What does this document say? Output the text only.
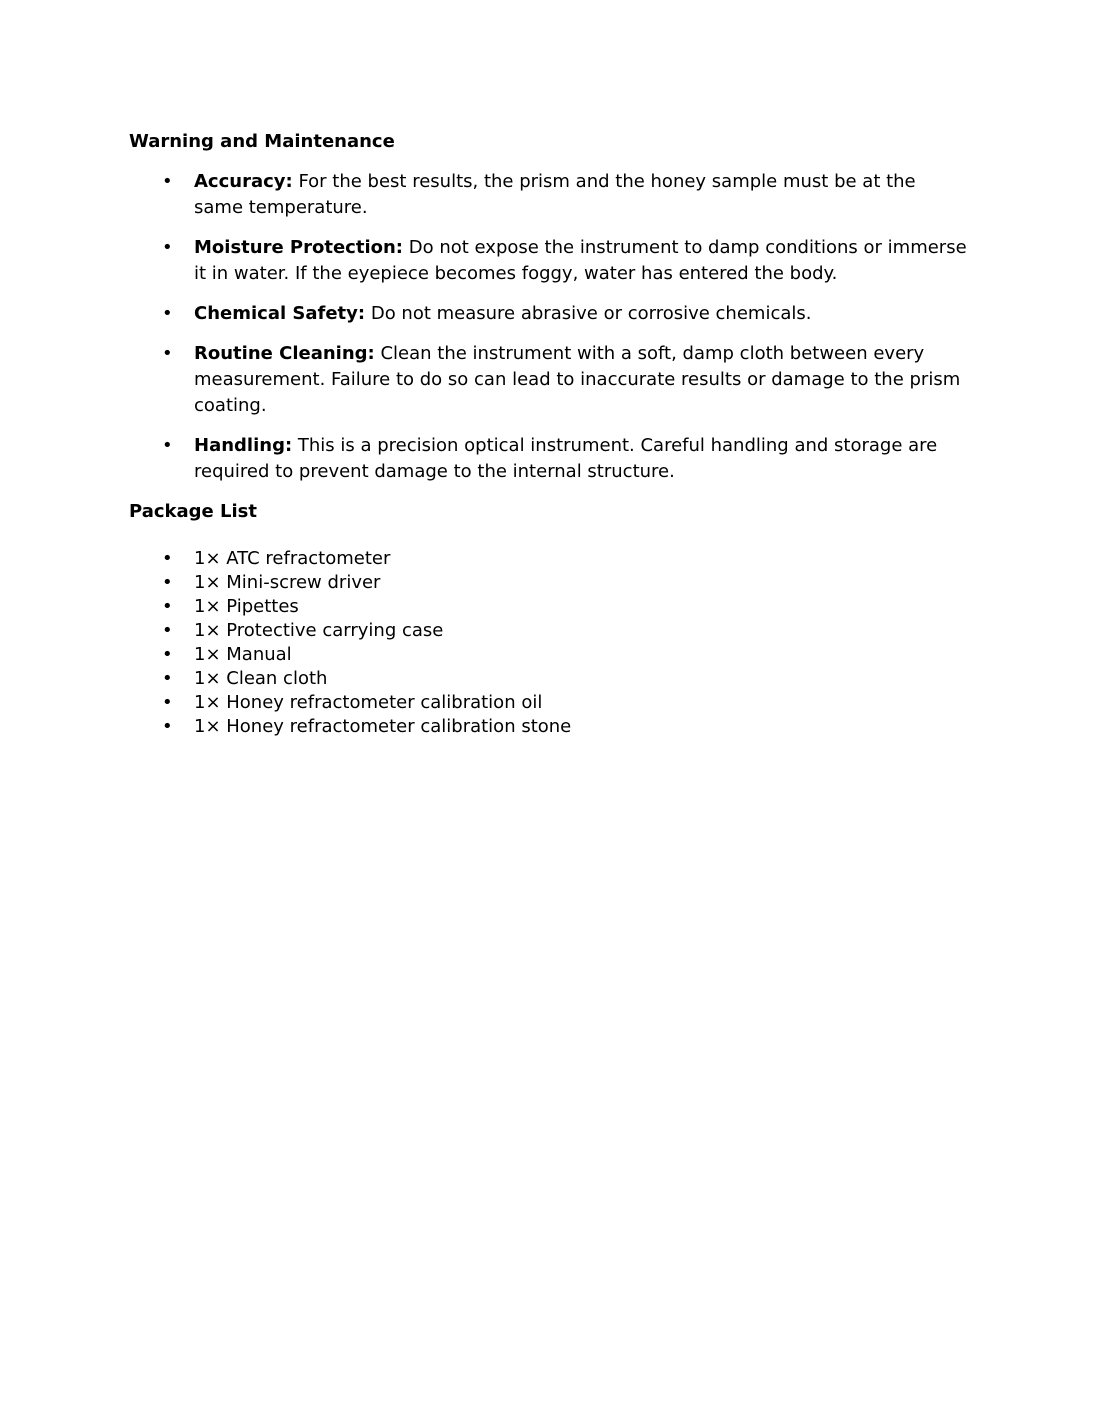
Warning and Maintenance

• Accuracy: For the best results, the prism and the honey sample must be at the same temperature.
• Moisture Protection: Do not expose the instrument to damp conditions or immerse it in water. If the eyepiece becomes foggy, water has entered the body.
• Chemical Safety: Do not measure abrasive or corrosive chemicals.
• Routine Cleaning: Clean the instrument with a soft, damp cloth between every measurement. Failure to do so can lead to inaccurate results or damage to the prism coating.
• Handling: This is a precision optical instrument. Careful handling and storage are required to prevent damage to the internal structure.

Package List

• 1× ATC refractometer
• 1× Mini-screw driver
• 1× Pipettes
• 1× Protective carrying case
• 1× Manual
• 1× Clean cloth
• 1× Honey refractometer calibration oil
• 1× Honey refractometer calibration stone
